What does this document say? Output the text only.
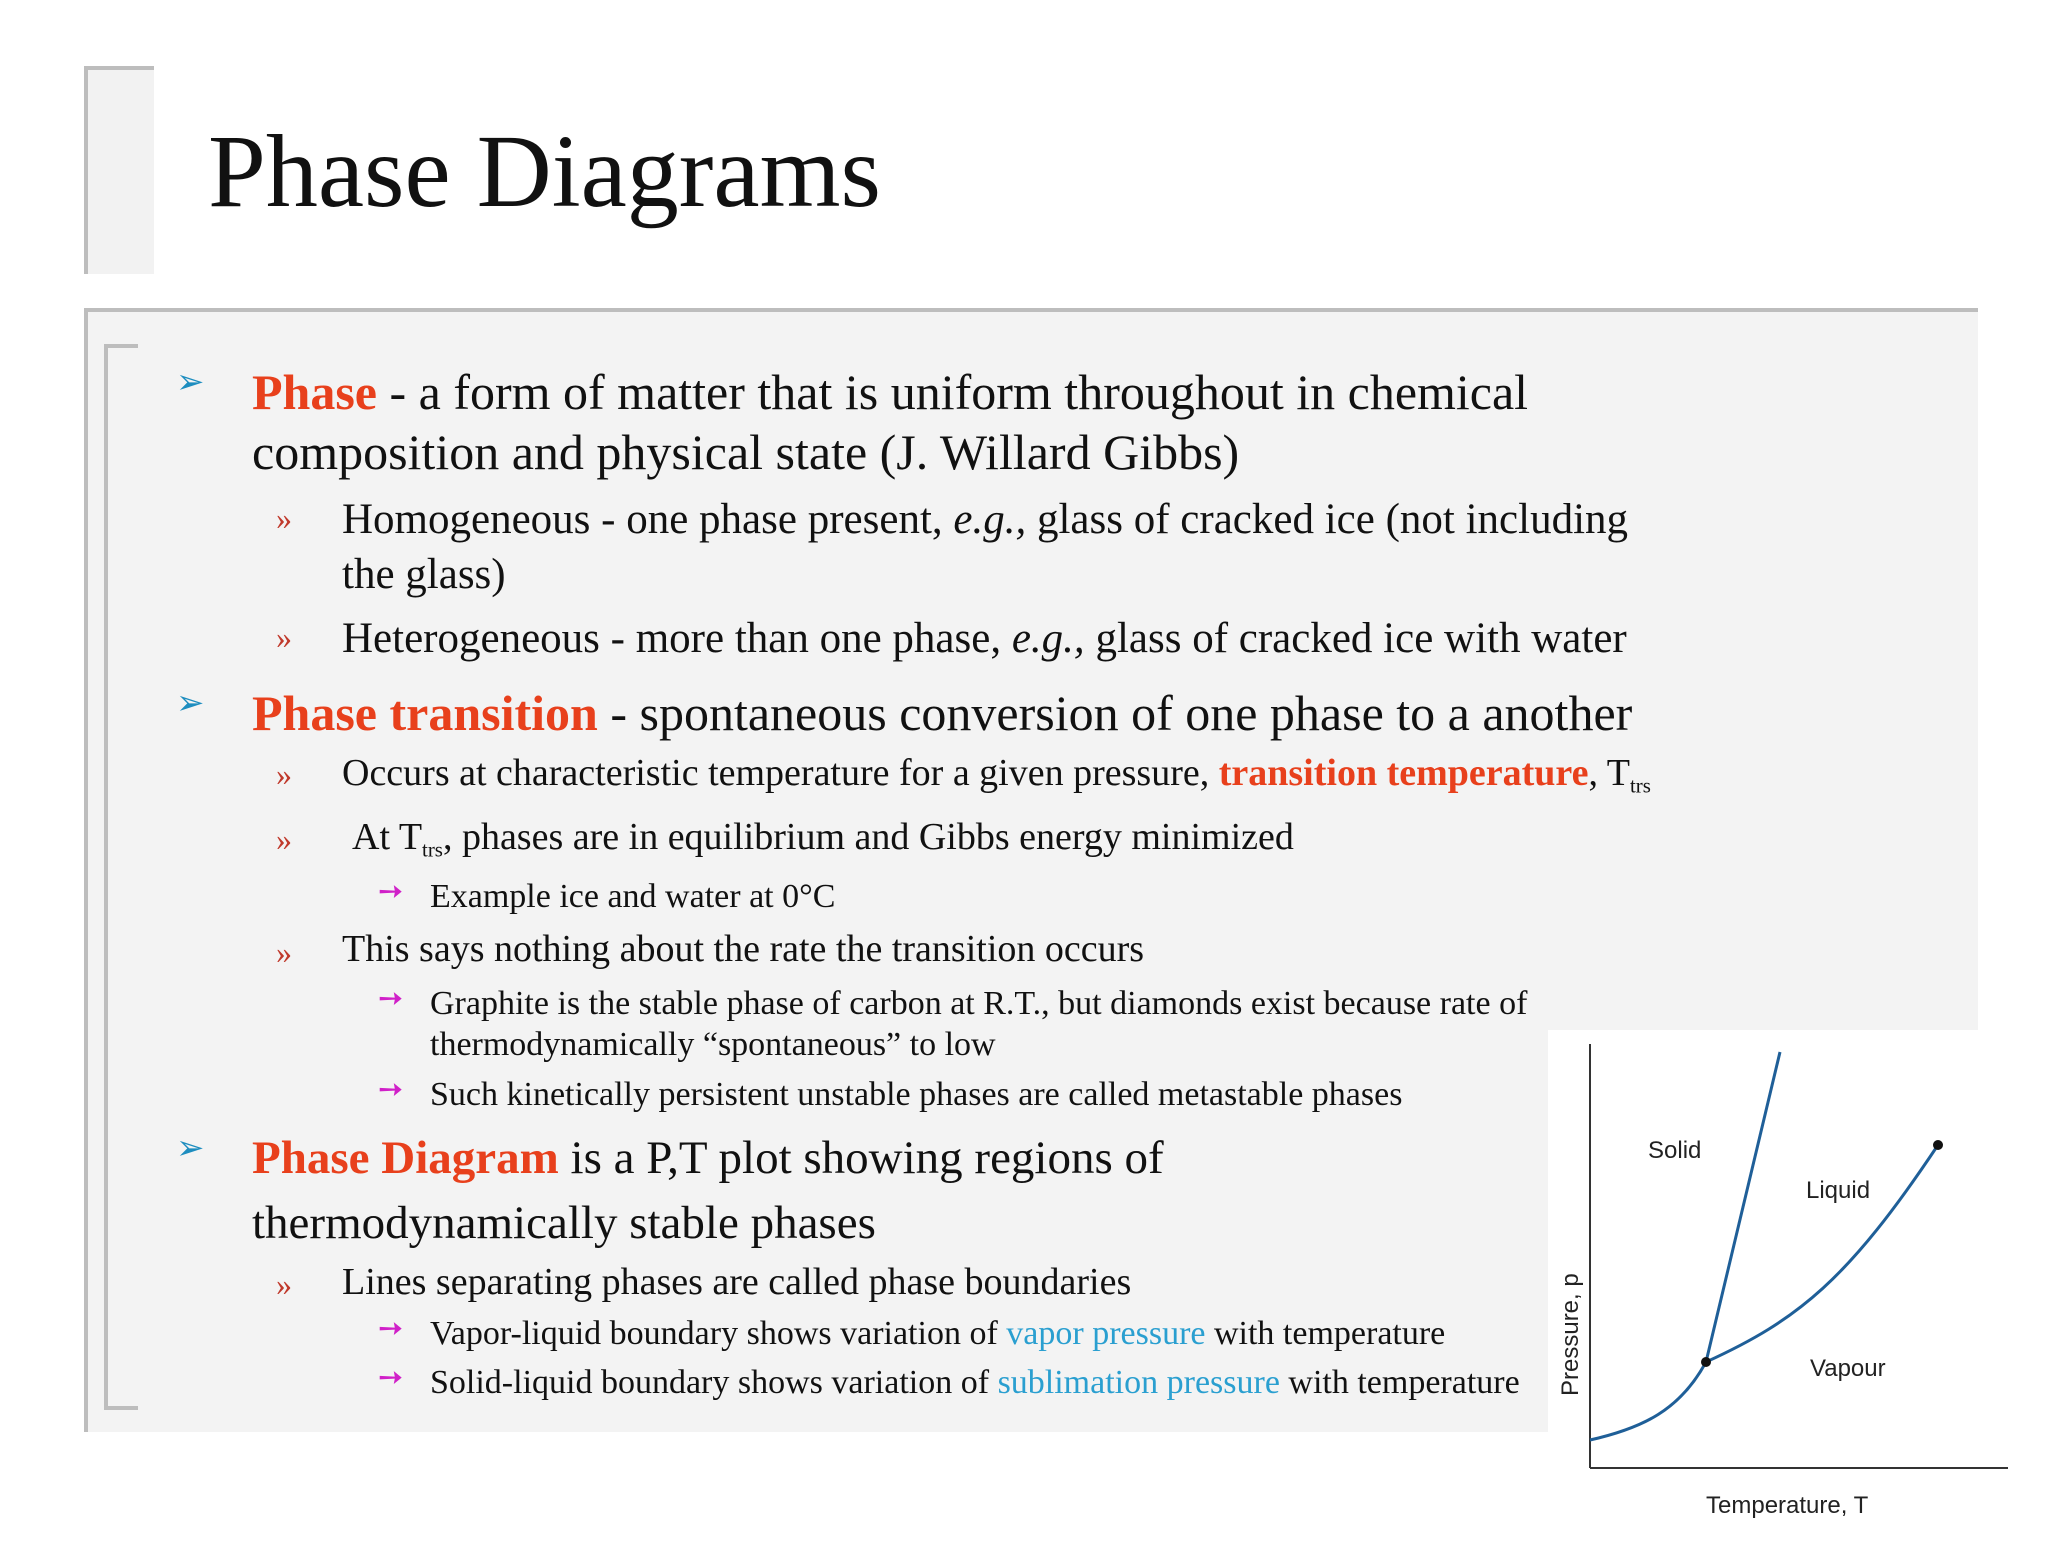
Phase Diagrams
➢ Phase - a form of matter that is uniform throughout in chemical
composition and physical state (J. Willard Gibbs)
» Homogeneous - one phase present, e.g., glass of cracked ice (not including
the glass)
» Heterogeneous - more than one phase, e.g., glass of cracked ice with water
➢ Phase transition - spontaneous conversion of one phase to a another
» Occurs at characteristic temperature for a given pressure, transition temperature, $T_{trs}$
» At $T_{trs}$, phases are in equilibrium and Gibbs energy minimized
➙ Example ice and water at 0°C
» This says nothing about the rate the transition occurs
➙ Graphite is the stable phase of carbon at R.T., but diamonds exist because rate of
thermodynamically “spontaneous” to low
➙ Such kinetically persistent unstable phases are called metastable phases
➢ Phase Diagram is a P,T plot showing regions of
thermodynamically stable phases
» Lines separating phases are called phase boundaries
➙ Vapor-liquid boundary shows variation of vapor pressure with temperature
➙ Solid-liquid boundary shows variation of sublimation pressure with temperature
Solid
Liquid
Vapour
Pressure, p
Temperature, T
